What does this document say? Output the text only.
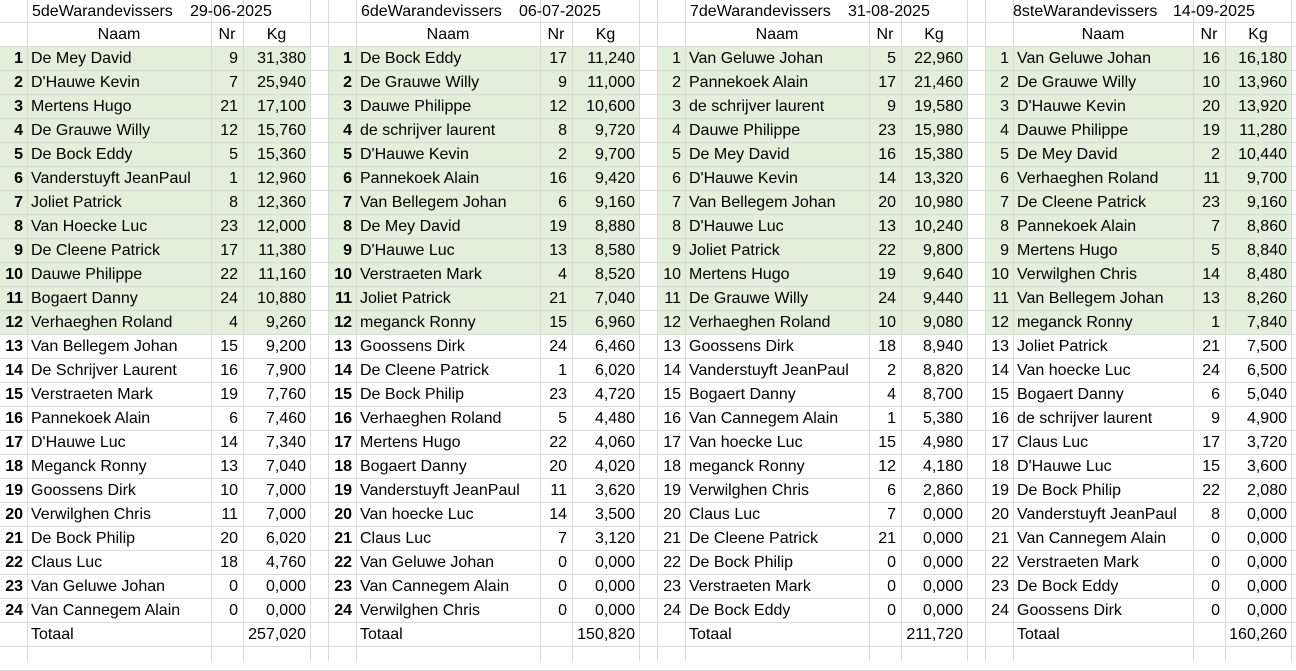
5deWarandevissers	29-06-2025
Naam	Nr	Kg
1 De Mey David	9	31,380
2 D'Hauwe Kevin	7	25,940
3 Mertens Hugo	21	17,100
4 De Grauwe Willy	12	15,760
5 De Bock Eddy	5	15,360
6 Vanderstuyft JeanPaul	1	12,960
7 Joliet Patrick	8	12,360
8 Van Hoecke Luc	23	12,000
9 De Cleene Patrick	17	11,380
10 Dauwe Philippe	22	11,160
11 Bogaert Danny	24	10,880
12 Verhaeghen Roland	4	9,260
13 Van Bellegem Johan	15	9,200
14 De Schrijver Laurent	16	7,900
15 Verstraeten Mark	19	7,760
16 Pannekoek Alain	6	7,460
17 D'Hauwe Luc	14	7,340
18 Meganck Ronny	13	7,040
19 Goossens Dirk	10	7,000
20 Verwilghen Chris	11	7,000
21 De Bock Philip	20	6,020
22 Claus Luc	18	4,760
23 Van Geluwe Johan	0	0,000
24 Van Cannegem Alain	0	0,000
Totaal	257,020
6deWarandevissers	06-07-2025
Naam	Nr	Kg
1 De Bock Eddy	17	11,240
2 De Grauwe Willy	9	11,000
3 Dauwe Philippe	12	10,600
4 de schrijver laurent	8	9,720
5 D'Hauwe Kevin	2	9,700
6 Pannekoek Alain	16	9,420
7 Van Bellegem Johan	6	9,160
8 De Mey David	19	8,880
9 D'Hauwe Luc	13	8,580
10 Verstraeten Mark	4	8,520
11 Joliet Patrick	21	7,040
12 meganck Ronny	15	6,960
13 Goossens Dirk	24	6,460
14 De Cleene Patrick	1	6,020
15 De Bock Philip	23	4,720
16 Verhaeghen Roland	5	4,480
17 Mertens Hugo	22	4,060
18 Bogaert Danny	20	4,020
19 Vanderstuyft JeanPaul	11	3,620
20 Van hoecke Luc	14	3,500
21 Claus Luc	7	3,120
22 Van Geluwe Johan	0	0,000
23 Van Cannegem Alain	0	0,000
24 Verwilghen Chris	0	0,000
Totaal	150,820
7deWarandevissers	31-08-2025
Naam	Nr	Kg
1 Van Geluwe Johan	5	22,960
2 Pannekoek Alain	17	21,460
3 de schrijver laurent	9	19,580
4 Dauwe Philippe	23	15,980
5 De Mey David	16	15,380
6 D'Hauwe Kevin	14	13,320
7 Van Bellegem Johan	20	10,980
8 D'Hauwe Luc	13	10,240
9 Joliet Patrick	22	9,800
10 Mertens Hugo	19	9,640
11 De Grauwe Willy	24	9,440
12 Verhaeghen Roland	10	9,080
13 Goossens Dirk	18	8,940
14 Vanderstuyft JeanPaul	2	8,820
15 Bogaert Danny	4	8,700
16 Van Cannegem Alain	1	5,380
17 Van hoecke Luc	15	4,980
18 meganck Ronny	12	4,180
19 Verwilghen Chris	6	2,860
20 Claus Luc	7	0,000
21 De Cleene Patrick	21	0,000
22 De Bock Philip	0	0,000
23 Verstraeten Mark	0	0,000
24 De Bock Eddy	0	0,000
Totaal	211,720
8steWarandevissers 14-09-2025
Naam	Nr	Kg
1 Van Geluwe Johan	16	16,180
2 De Grauwe Willy	10	13,960
3 D'Hauwe Kevin	20	13,920
4 Dauwe Philippe	19	11,280
5 De Mey David	2	10,440
6 Verhaeghen Roland	11	9,700
7 De Cleene Patrick	23	9,160
8 Pannekoek Alain	7	8,860
9 Mertens Hugo	5	8,840
10 Verwilghen Chris	14	8,480
11 Van Bellegem Johan	13	8,260
12 meganck Ronny	1	7,840
13 Joliet Patrick	21	7,500
14 Van hoecke Luc	24	6,500
15 Bogaert Danny	6	5,040
16 de schrijver laurent	9	4,900
17 Claus Luc	17	3,720
18 D'Hauwe Luc	15	3,600
19 De Bock Philip	22	2,080
20 Vanderstuyft JeanPaul	8	0,000
21 Van Cannegem Alain	0	0,000
22 Verstraeten Mark	0	0,000
23 De Bock Eddy	0	0,000
24 Goossens Dirk	0	0,000
Totaal	160,260
